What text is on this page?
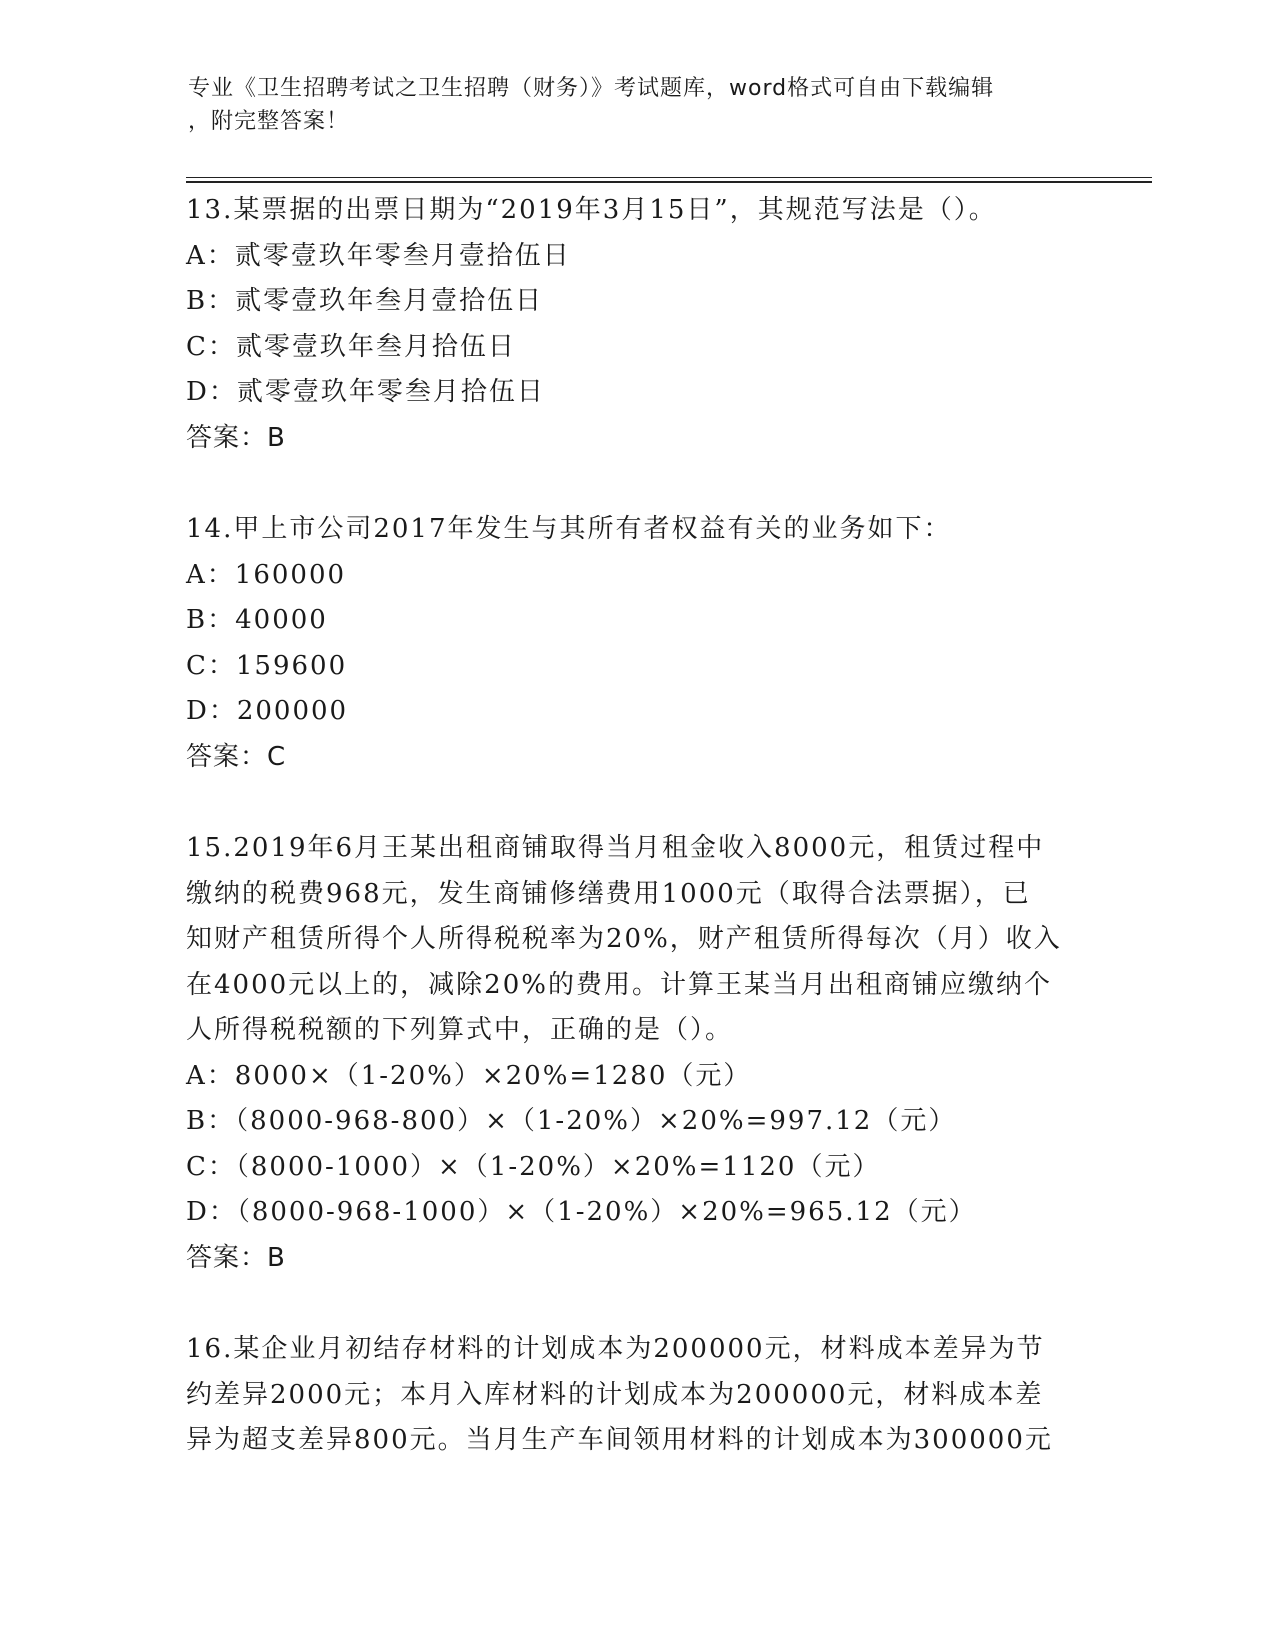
专业《卫生招聘考试之卫生招聘（财务）》考试题库，word格式可自由下载编辑
，附完整答案！
13.某票据的出票日期为“2019年3月15日”，其规范写法是（）。
A：贰零壹玖年零叁月壹拾伍日
B：贰零壹玖年叁月壹拾伍日
C：贰零壹玖年叁月拾伍日
D：贰零壹玖年零叁月拾伍日
答案：B
14.甲上市公司2017年发生与其所有者权益有关的业务如下：
A：160000
B：40000
C：159600
D：200000
答案：C
15.2019年6月王某出租商铺取得当月租金收入8000元，租赁过程中
缴纳的税费968元，发生商铺修缮费用1000元（取得合法票据），已
知财产租赁所得个人所得税税率为20%，财产租赁所得每次（月）收入
在4000元以上的，减除20%的费用。计算王某当月出租商铺应缴纳个
人所得税税额的下列算式中，正确的是（）。
A：8000×（1-20%）×20%=1280（元）
B：（8000-968-800）×（1-20%）×20%=997.12（元）
C：（8000-1000）×（1-20%）×20%=1120（元）
D：（8000-968-1000）×（1-20%）×20%=965.12（元）
答案：B
16.某企业月初结存材料的计划成本为200000元，材料成本差异为节
约差异2000元；本月入库材料的计划成本为200000元，材料成本差
异为超支差异800元。当月生产车间领用材料的计划成本为300000元
